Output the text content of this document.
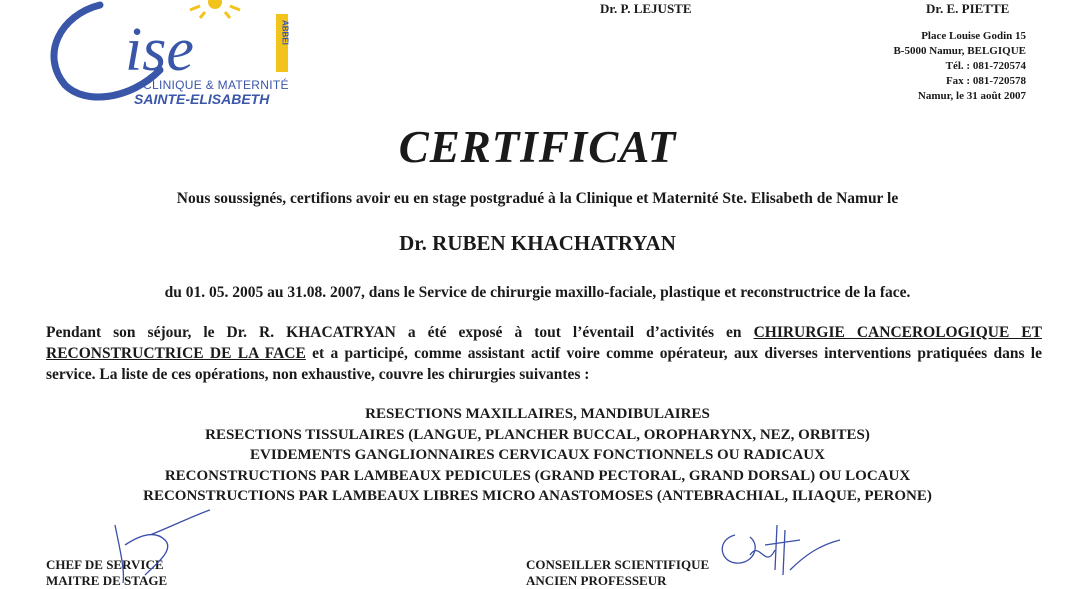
ise	ABBEI
CLINIQUE & MATERNITÉ
SAINTE-ELISABETH
Dr. P. LEJUSTE	Dr. E. PIETTE
Place Louise Godin 15
B-5000 Namur, BELGIQUE
Tél. : 081-720574
Fax : 081-720578
Namur, le 31 août 2007
CERTIFICAT
Nous soussignés, certifions avoir eu en stage postgradué à la Clinique et Maternité Ste. Elisabeth de Namur le
Dr. RUBEN KHACHATRYAN
du 01. 05. 2005 au 31.08. 2007, dans le Service de chirurgie maxillo-faciale, plastique et reconstructrice de la face.
Pendant son séjour, le Dr. R. KHACATRYAN a été exposé à tout l’éventail d’activités en CHIRURGIE CANCEROLOGIQUE ET RECONSTRUCTRICE DE LA FACE et a participé, comme assistant actif voire comme opérateur, aux diverses interventions pratiquées dans le service. La liste de ces opérations, non exhaustive, couvre les chirurgies suivantes :
RESECTIONS MAXILLAIRES, MANDIBULAIRES
RESECTIONS TISSULAIRES (LANGUE, PLANCHER BUCCAL, OROPHARYNX, NEZ, ORBITES)
EVIDEMENTS GANGLIONNAIRES CERVICAUX FONCTIONNELS OU RADICAUX
RECONSTRUCTIONS PAR LAMBEAUX PEDICULES (GRAND PECTORAL, GRAND DORSAL) OU LOCAUX
RECONSTRUCTIONS PAR LAMBEAUX LIBRES MICRO ANASTOMOSES (ANTEBRACHIAL, ILIAQUE, PERONE)
CHEF DE SERVICE
MAITRE DE STAGE
CONSEILLER SCIENTIFIQUE
ANCIEN PROFESSEUR
